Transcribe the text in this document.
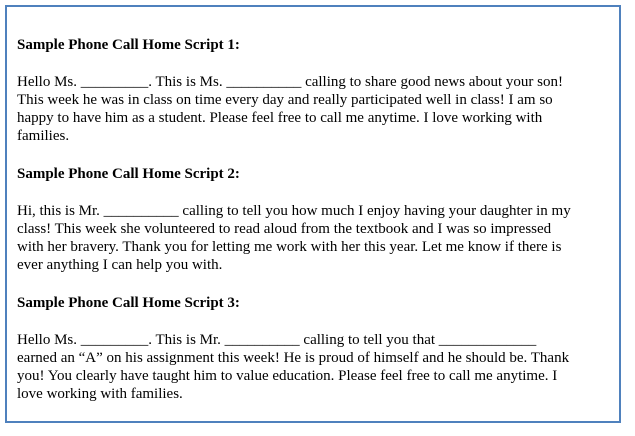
Sample Phone Call Home Script 1:
Hello Ms. _________. This is Ms. __________ calling to share good news about your son!
This week he was in class on time every day and really participated well in class! I am so
happy to have him as a student. Please feel free to call me anytime. I love working with
families.
Sample Phone Call Home Script 2:
Hi, this is Mr. __________ calling to tell you how much I enjoy having your daughter in my
class! This week she volunteered to read aloud from the textbook and I was so impressed
with her bravery. Thank you for letting me work with her this year. Let me know if there is
ever anything I can help you with.
Sample Phone Call Home Script 3:
Hello Ms. _________. This is Mr. __________ calling to tell you that _____________
earned an “A” on his assignment this week! He is proud of himself and he should be. Thank
you! You clearly have taught him to value education. Please feel free to call me anytime. I
love working with families.
